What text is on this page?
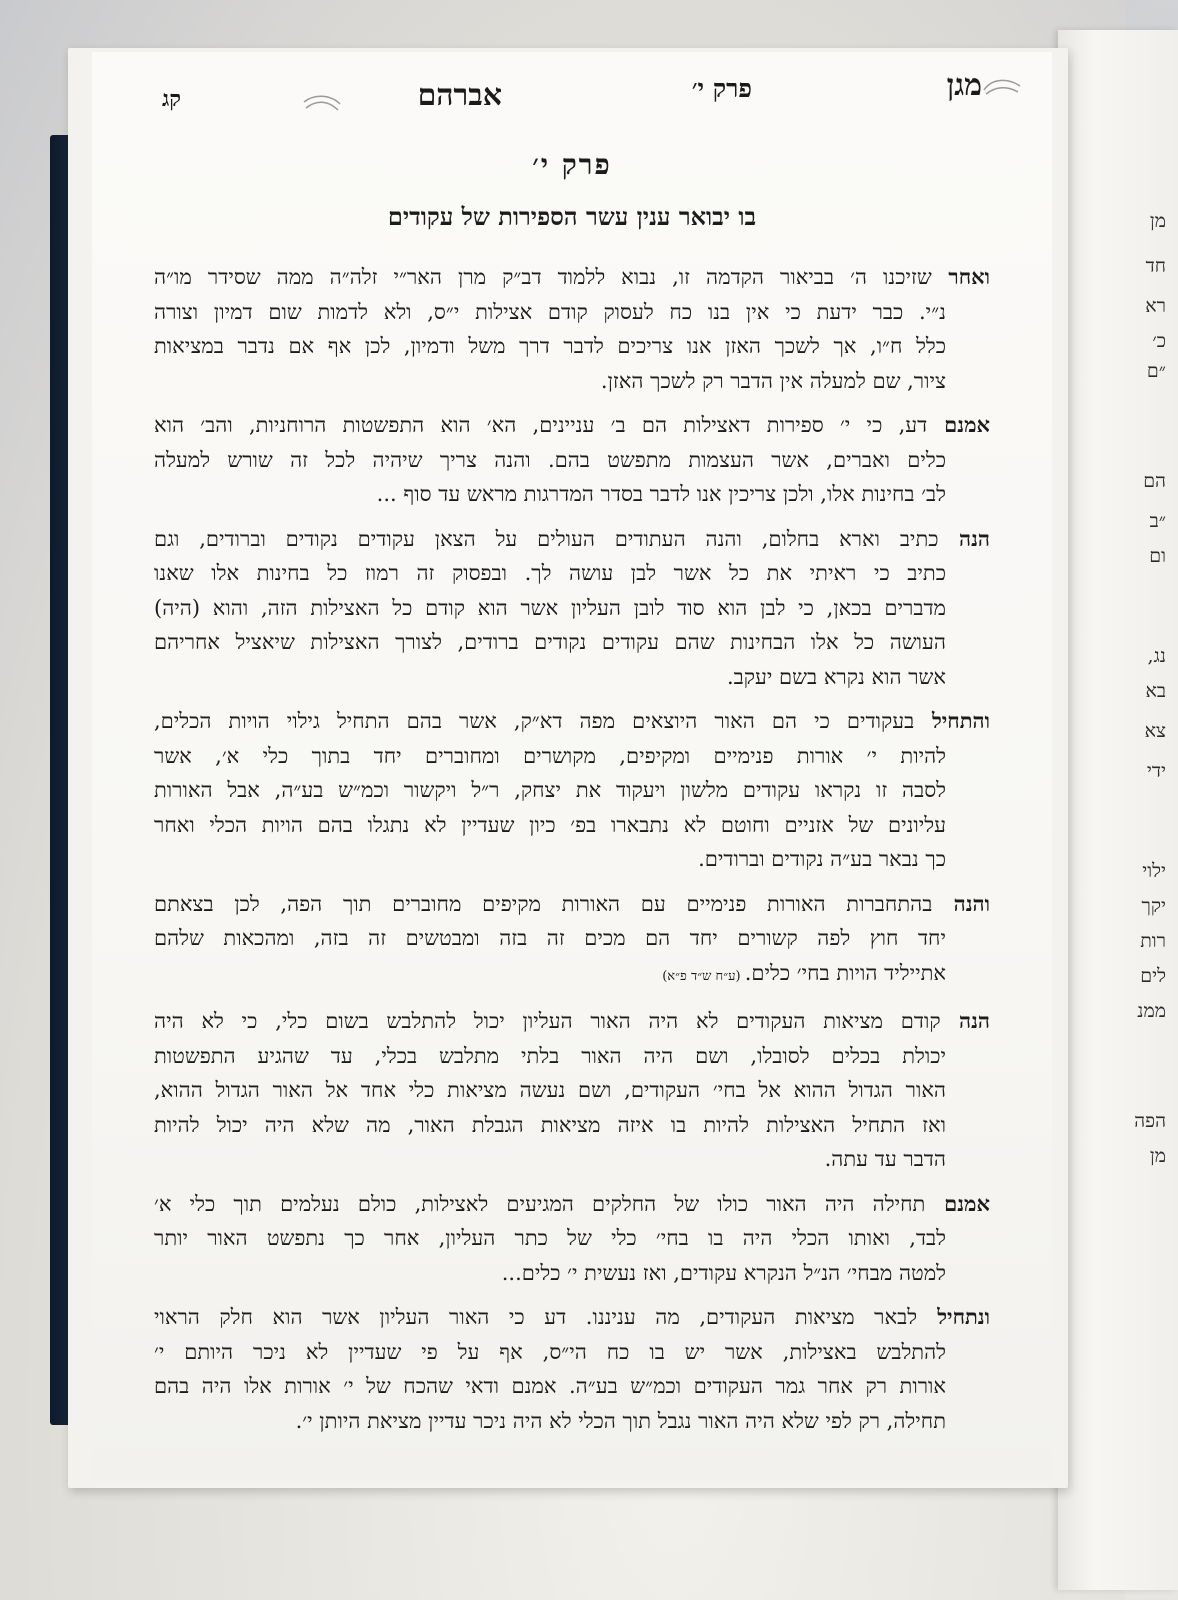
מן
חד
רא
כ׳
״ם
הם
״ב
ום
נג,
בא
צא
ידי
ילוי
יקך
רות
לים
ממנ
הפה
מן
מגן
פרק י׳
אברהם
קג
פרק י׳
בו יבואר ענין עשר הספירות של עקודים
ואחר שזיכנו ה׳ בביאור הקדמה זו, נבוא ללמוד דב״ק מרן האר״י זלה״ה ממה שסידר מו״ה
נ״י. כבר ידעת כי אין בנו כח לעסוק קודם אצילות י״ס, ולא לדמות שום דמיון וצורה
כלל ח״ו, אך לשכך האזן אנו צריכים לדבר דרך משל ודמיון, לכן אף אם נדבר במציאות
ציור, שם למעלה אין הדבר רק לשכך האזן.
אמנם דע, כי י׳ ספירות דאצילות הם ב׳ עניינים, הא׳ הוא התפשטות הרוחניות, והב׳ הוא
כלים ואברים, אשר העצמות מתפשט בהם. והנה צריך שיהיה לכל זה שורש למעלה
לב׳ בחינות אלו, ולכן צריכין אנו לדבר בסדר המדרגות מראש עד סוף ...
הנה כתיב וארא בחלום, והנה העתודים העולים על הצאן עקודים נקודים וברודים, וגם
כתיב כי ראיתי את כל אשר לבן עושה לך. ובפסוק זה רמוז כל בחינות אלו שאנו
מדברים בכאן, כי לבן הוא סוד לובן העליון אשר הוא קודם כל האצילות הזה, והוא (היה)
העושה כל אלו הבחינות שהם עקודים נקודים ברודים, לצורך האצילות שיאציל אחריהם
אשר הוא נקרא בשם יעקב.
והתחיל בעקודים כי הם האור היוצאים מפה דא״ק, אשר בהם התחיל גילוי הויות הכלים,
להיות י׳ אורות פנימיים ומקיפים, מקושרים ומחוברים יחד בתוך כלי א׳, אשר
לסבה זו נקראו עקודים מלשון ויעקוד את יצחק, ר״ל ויקשור וכמ״ש בע״ה, אבל האורות
עליונים של אזניים וחוטם לא נתבארו בפ׳ כיון שעדיין לא נתגלו בהם הויות הכלי ואחר
כך נבאר בע״ה נקודים וברודים.
והנה בהתחברות האורות פנימיים עם האורות מקיפים מחוברים תוך הפה, לכן בצאתם
יחד חוץ לפה קשורים יחד הם מכים זה בזה ומבטשים זה בזה, ומהכאות שלהם
אתייליד הויות בחי׳ כלים. (ע״ח ש״ד פ״א)
הנה קודם מציאות העקודים לא היה האור העליון יכול להתלבש בשום כלי, כי לא היה
יכולת בכלים לסובלו, ושם היה האור בלתי מתלבש בכלי, עד שהגיע התפשטות
האור הגדול ההוא אל בחי׳ העקודים, ושם נעשה מציאות כלי אחד אל האור הגדול ההוא,
ואז התחיל האצילות להיות בו איזה מציאות הגבלת האור, מה שלא היה יכול להיות
הדבר עד עתה.
אמנם תחילה היה האור כולו של החלקים המגיעים לאצילות, כולם נעלמים תוך כלי א׳
לבד, ואותו הכלי היה בו בחי׳ כלי של כתר העליון, אחר כך נתפשט האור יותר
למטה מבחי׳ הנ״ל הנקרא עקודים, ואז נעשית י׳ כלים...
ונתחיל לבאר מציאות העקודים, מה עניננו. דע כי האור העליון אשר הוא חלק הראוי
להתלבש באצילות, אשר יש בו כח הי״ס, אף על פי שעדיין לא ניכר היותם י׳
אורות רק אחר גמר העקודים וכמ״ש בע״ה. אמנם ודאי שהכח של י׳ אורות אלו היה בהם
תחילה, רק לפי שלא היה האור נגבל תוך הכלי לא היה ניכר עדיין מציאת היותן י׳.
